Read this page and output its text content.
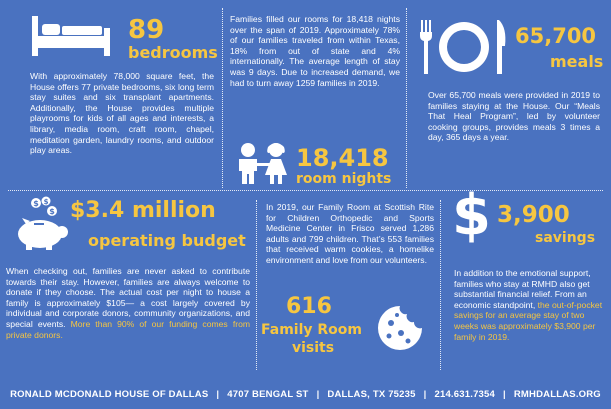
89
bedrooms
With approximately 78,000 square feet, the House offers 77 private bedrooms, six long term stay suites and six transplant apartments. Additionally, the House provides multiple playrooms for kids of all ages and interests, a library, media room, craft room, chapel, meditation garden, laundry rooms, and outdoor play areas.
Families filled our rooms for 18,418 nights over the span of 2019. Approximately 78% of our families traveled from within Texas, 18% from out of state and 4% internationally. The average length of stay was 9 days. Due to increased demand, we had to turn away 1259 families in 2019.
18,418
room nights
65,700
meals
Over 65,700 meals were provided in 2019 to families staying at the House. Our “Meals That Heal Program”, led by volunteer cooking groups, provides meals 3 times a day, 365 days a year.
$ $
$ $3.4 million
operating budget
When checking out, families are never asked to contribute towards their stay. However, families are always welcome to donate if they choose. The actual cost per night to house a family is approximately $105— a cost largely covered by individual and corporate donors, community organizations, and special events. More than 90% of our funding comes from private donors.
In 2019, our Family Room at Scottish Rite for Children Orthopedic and Sports Medicine Center in Frisco served 1,286 adults and 799 children. That’s 553 families that received warm cookies, a homelike environment and love from our volunteers.
616
Family Room
visits
$ 3,900
savings
In addition to the emotional support, families who stay at RMHD also get substantial financial relief. From an economic standpoint, the out-of-pocket savings for an average stay of two weeks was approximately $3,900 per family in 2019.
RONALD MCDONALD HOUSE OF DALLAS | 4707 BENGAL ST | DALLAS, TX 75235 | 214.631.7354 | RMHDALLAS.ORG
